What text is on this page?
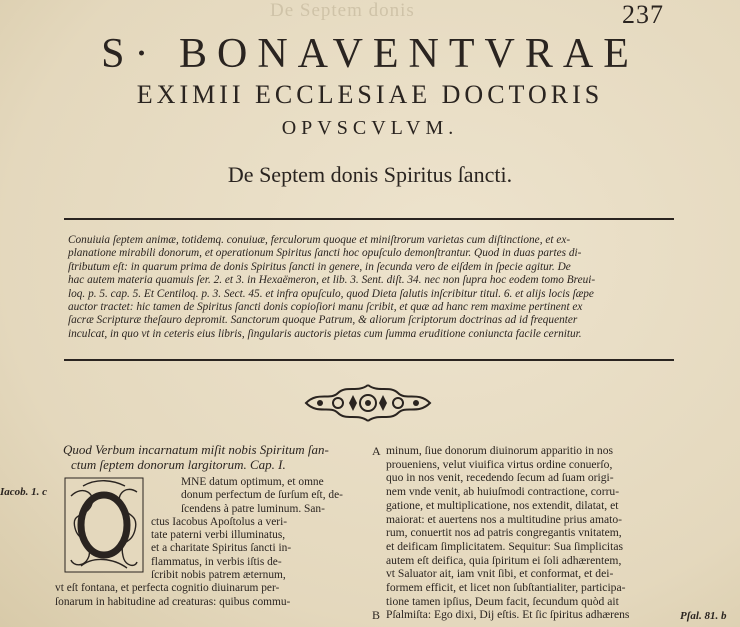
De Septem donis	237
S· BONAVENTVRAE
EXIMII ECCLESIAE DOCTORIS
OPVSCVLVM.
De Septem donis Spiritus ſancti.
Conuiuia ſeptem animæ, totidemq. conuiuæ, ferculorum quoque et miniſtrorum varietas cum diſtinctione, et ex-
planatione mirabili donorum, et operationum Spiritus ſancti hoc opuſculo demonſtrantur. Quod in duas partes di-
ſtributum eſt: in quarum prima de donis Spiritus ſancti in genere, in ſecunda vero de eiſdem in ſpecie agitur. De
hac autem materia quamuis ſer. 2. et 3. in Hexaëmeron, et lib. 3. Sent. diſt. 34. nec non ſupra hoc eodem tomo Breui-
loq. p. 5. cap. 5. Et Centiloq. p. 3. Sect. 45. et infra opuſculo, quod Dieta ſalutis inſcribitur titul. 6. et alijs locis ſæpe
auctor tractet: hic tamen de Spiritus ſancti donis copioſiori manu ſcribit, et quæ ad hanc rem maxime pertinent ex
ſacræ Scripturæ theſauro depromit. Sanctorum quoque Patrum, & aliorum ſcriptorum doctrinas ad id frequenter
inculcat, in quo vt in ceteris eius libris, ſingularis auctoris pietas cum ſumma eruditione coniuncta facile cernitur.
Iacob. 1. c
Quod Verbum incarnatum miſit nobis Spiritum ſan-
ctum ſeptem donorum largitorum. Cap. I.
MNE datum optimum, et omne
donum perfectum de ſurſum eſt, de-
ſcendens à patre luminum. San-
ctus Iacobus Apoſtolus a veri-
tate paterni verbi illuminatus,
et a charitate Spiritus ſancti in-
flammatus, in verbis iſtis de-
ſcribit nobis patrem æternum,
vt eſt fontana, et perfecta cognitio diuinarum per-
ſonarum in habitudine ad creaturas: quibus commu-
A
B
minum, ſiue donorum diuinorum apparitio in nos
proueniens, velut viuifica virtus ordine conuerſo,
quo in nos venit, recedendo ſecum ad ſuam origi-
nem vnde venit, ab huiuſmodi contractione, corru-
gatione, et multiplicatione, nos extendit, dilatat, et
maiorat: et auertens nos a multitudine prius amato-
rum, conuertit nos ad patris congregantis vnitatem,
et deificam ſimplicitatem. Sequitur: Sua ſimplicitas
autem eſt deifica, quia ſpiritum ei ſoli adhærentem,
vt Saluator ait, iam vnit ſibi, et conformat, et dei-
formem efficit, et licet non ſubſtantialiter, participa-
tione tamen ipſius, Deum facit, ſecundum quòd ait
Pſalmiſta: Ego dixi, Dij eſtis. Et ſic ſpiritus adhærens	Pſal. 81. b
